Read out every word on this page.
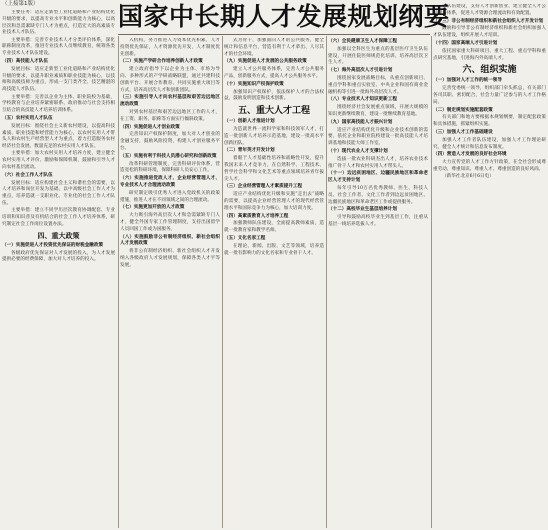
（上接第1版）	国家中长期人才发展规划纲要

主要任务：适应走新型工业化道路和产业结构优化升级的要求，以提高专业水平和创新能力为核心，以高层次和急需紧缺专门人才为重点，打造宏大的高素质专业技术人才队伍。

主要举措：完善专业技术人才分类评价体系，深化职称制度改革，推进专业技术人员继续教育，统筹各类专业技术人才队伍建设。

（四）高技能人才队伍

发展目标：适应走新型工业化道路和产业结构优化升级的要求，以提升职业素质和职业技能为核心，以技师和高级技师为重点，形成一支门类齐全、技艺精湛的高技能人才队伍。

主要举措：完善以企业为主体、职业院校为基础，学校教育与企业培养紧密联系、政府推动与社会支持相互结合的高技能人才培养培训体系。

（五）农村实用人才队伍

发展目标：围绕社会主义新农村建设，以提高科技素质、职业技能和经营能力为核心，以农村实用人才带头人和农村生产经营型人才为重点，着力打造服务农村经济社会发展、数量充足的农村实用人才队伍。

主要举措：加大农村实用人才培养力度，建立健全农村实用人才评价、激励和保障机制，鼓励和引导人才向农村基层流动。

（六）社会工作人才队伍

发展目标：适应构建社会主义和谐社会的需要，以人才培养和岗位开发为基础，以中高级社会工作人才为重点，培养造就一支职业化、专业化的社会工作人才队伍。

主要举措：建立不同学历层次教育协调配套、专业培训和知识普及有机结合的社会工作人才培养体系，研究制定社会工作岗位设置办法。

四、重大政策

（一）实施促进人才投资优先保证的财税金融政策

各级政府优先保证对人才发展的投入，为人才发展提供必要的经费保障，加大对人才培养的投入。

入机构，努力推进人力资本优先积累，人才投资优先保证，人才资源优先开发，人才制度优先创新。

（二）实施产学研合作培养创新人才政策

建立政府指导下以企业为主体、市场为导向、多种形式的产学研战略联盟，通过共建科技创新平台、开展合作教育、共同实施重大项目等方式，培养高层次人才和创新团队。

（三）实施引导人才向农村基层和艰苦边远地区流动政策

对到农村基层和艰苦边远地区工作的人才，在工资、职务、职称等方面实行倾斜政策。

（四）实施促进人才创业政策

完善知识产权保护制度，加大对人才创业的金融支持，鼓励风险投资，构建人才创业服务平台。

（五）实施有利于科技人员潜心研究和创新政策

改革科研管理制度，完善科研评价体系，营造宽松的科研环境，保障科研人员安心工作。

（六）实施推进党政人才、企业经营管理人才、专业技术人才合理流动政策

研究制定吸引优秀人才进入党政机关的政策措施，推进人才在不同领域之间的合理流动。

（七）实施更加开放的人才政策

大力吸引海外高层次人才和急需紧缺专门人才，健全外国专家工作管理制度，支持出国留学人员回国工作或为国服务。

（八）实施鼓励非公有制经济组织、新社会组织人才发展政策

将非公有制经济组织、新社会组织人才开发纳入各级政府人才发展规划，保障各类人才平等发展。

式为骨干，加强面向人才的公共服务，健全统计和信息平台，营造有利于人才辈出、人尽其才的社会环境。

（九）实施促进人才发展的公共服务政策

建立人才公共服务体系，完善人才公共服务产品，创新服务方式，提高人才公共服务水平。

（十）实施知识产权保护政策

加强知识产权保护，依法保护人才的合法权益，鼓励发明创造和技术创新。

五、重大人才工程

（一）创新人才推进计划

为造就世界一流科学家和科技领军人才，打造一批创新人才培养示范基地，建设一批高水平创新团队。

（二）青年英才开发计划

着眼于人才基础性培养和战略性开发，提升我国未来人才竞争力，在自然科学、工程技术、哲学社会科学和文化艺术等重点领域培养青年拔尖人才。

（三）企业经营管理人才素质提升工程

适应产业结构优化升级和实施“走出去”战略的需要，以提高企业经营管理人才的现代经营管理水平和国际竞争力为核心，加大培训力度。

（四）高素质教育人才培养工程

加强教师队伍建设，全面提高教师素质，造就一批教育家和教学名师。

（五）文化名家工程

在理论、新闻、出版、文艺等领域，培养造就一批有影响力的文化名家和专业骨干人才。

（六）全民健康卫生人才保障工程

加强以全科医生为重点的基层医疗卫生队伍建设，开展住院医师规范化培训，培养高层次卫生人才。

（七）海外高层次人才引进计划

围绕国家发展战略目标，从重点创新项目、重点学科和重点实验室、中央企业和国有商业金融机构等引进一批海外高层次人才。

（八）专业技术人才知识更新工程

围绕经济社会发展重点领域，开展大规模的知识更新继续教育，建设一批继续教育基地。

（九）国家高技能人才振兴计划

适应产业结构优化升级和企业技术创新的需要，依托企业和职业院校建设一批高技能人才培训基地和技能大师工作室。

（十）现代农业人才支撑计划

选拔一批农业科研杰出人才，培养农业技术推广骨干人才和农村实用人才带头人。

（十一）边远贫困地区、边疆民族地区和革命老区人才支持计划

每年引导10万名优秀教师、医生、科技人员、社会工作者、文化工作者到边远贫困地区、边疆民族地区和革命老区工作或提供服务。

（十二）高校毕业生基层培养计划

引导和鼓励高校毕业生到基层工作，注重从基层一线培养选拔人才。

务队伍建设，支持人才创新创业，建立健全人才公共服务体系，促进人才资源合理流动和有效配置。

（十三）非公有制经济组织和新社会组织人才开发计划

鼓励和引导非公有制经济组织和新社会组织加强人才队伍建设，组织开展人才培训。

（十四）国家高端人才引进计划

依托国家重大科研项目、重大工程、重点学科和重点研究基地，引进海内外高端人才。

六、组织实施

（一）加强对人才工作的统一领导

完善党委统一领导，组织部门牵头抓总，有关部门各司其职、密切配合，社会力量广泛参与的人才工作格局。

（二）制定规划实施配套政策

有关部门和地方要根据本规划纲要，制定配套政策和具体措施，抓紧组织实施。

（三）加强人才工作基础建设

加强人才工作者队伍建设，加强人才工作理论研究，健全人才统计和信息发布制度。

（四）营造人才发展的良好社会环境

大力宣传党的人才工作方针政策，在全社会形成尊重劳动、尊重知识、尊重人才、尊重创造的良好风尚。

（新华社北京6月6日电）
